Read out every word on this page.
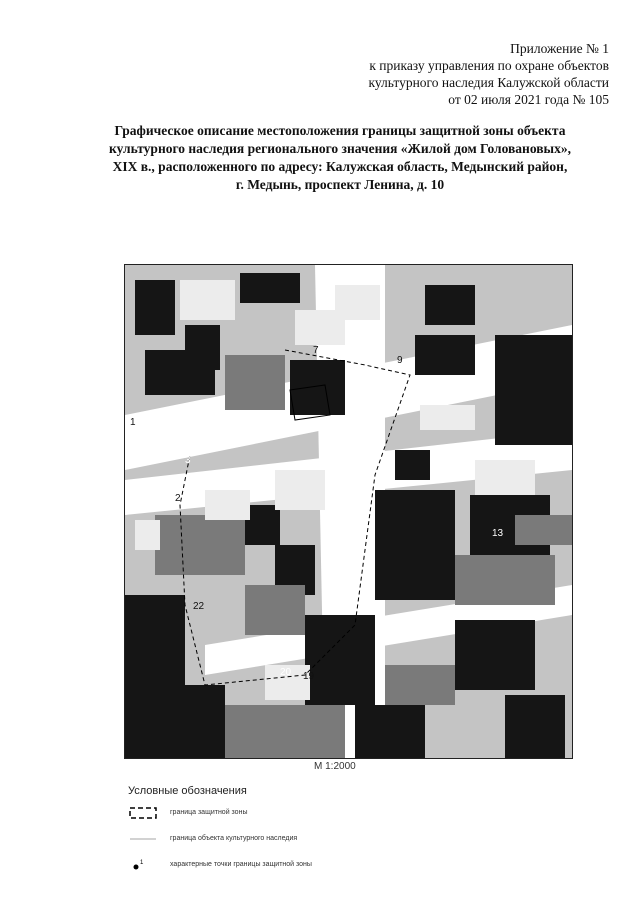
Приложение № 1
к приказу управления по охране объектов
культурного наследия Калужской области
от 02 июля 2021 года № 105
Графическое описание местоположения границы защитной зоны объекта
культурного наследия регионального значения «Жилой дом Головановых»,
XIX в., расположенного по адресу: Калужская область, Медынский район,
г. Медынь, проспект Ленина, д. 10
1
2
3
7	8
9
10
13
15
19
20
22
М 1:2000
Условные обозначения
граница защитной зоны
граница объекта культурного наследия
1	характерные точки границы защитной зоны
